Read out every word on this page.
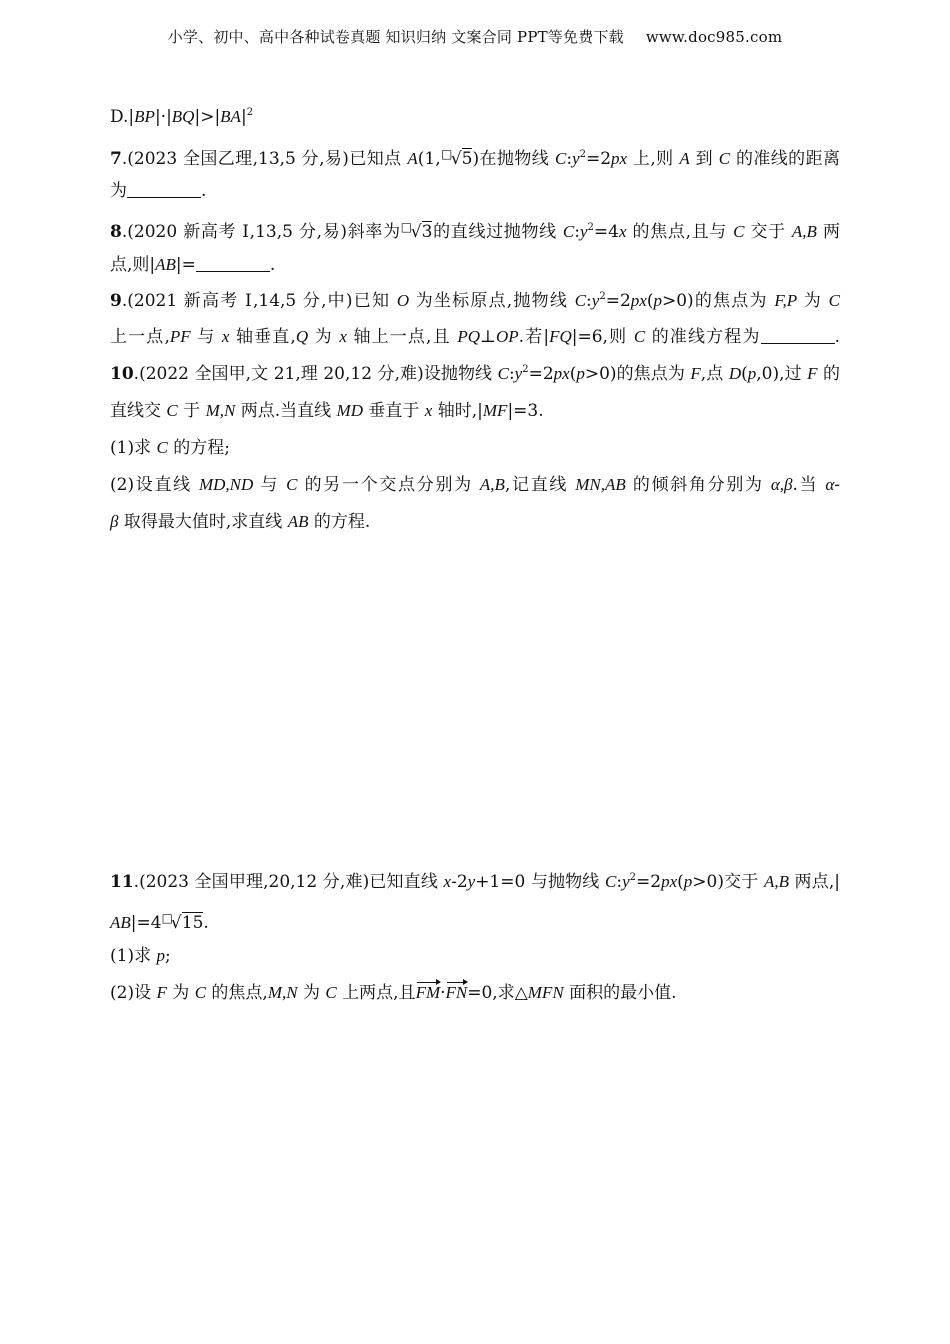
小学、初中、高中各种试卷真题 知识归纳 文案合同 PPT等免费下载 www.doc985.com
$D.|BP|\cdot|BQ|>|BA|^2$
7.(2023 全国乙理,13,5 分,易)已知点 A(1,□√5)在抛物线 $C:y^2=2px$ 上,则 A 到 C 的准线的距离
为	.
8.(2020 新高考 Ⅰ,13,5 分,易)斜率为□√3的直线过抛物线 $C:y^2=4x$ 的焦点,且与 C 交于 A,B 两
点,则|AB|=	.
9.(2021 新高考 Ⅰ,14,5 分,中)已知 O 为坐标原点,抛物线 $C:y^2=2px(p>0)$的焦点为 F,P 为 C
上一点,PF 与 x 轴垂直,Q 为 x 轴上一点,且 PQ⊥OP.若|FQ|=6,则 C 的准线方程为	.
10.(2022 全国甲,文 21,理 20,12 分,难)设抛物线 $C:y^2=2px(p>0)$的焦点为 F,点 D(p,0),过 F 的
直线交 C 于 M,N 两点.当直线 MD 垂直于 x 轴时,|MF|=3.
(1)求 C 的方程;
(2)设直线 MD,ND 与 C 的另一个交点分别为 A,B,记直线 MN,AB 的倾斜角分别为 α,β.当 α-
β 取得最大值时,求直线 AB 的方程.
11.(2023 全国甲理,20,12 分,难)已知直线 x-2y+1=0 与抛物线 $C:y^2=2px(p>0)$交于 A,B 两点,|
AB|=4□√15.
(1)求 p;
(2)设 F 为 C 的焦点,M,N 为 C 上两点,且FM·FN=0,求△MFN 面积的最小值.
